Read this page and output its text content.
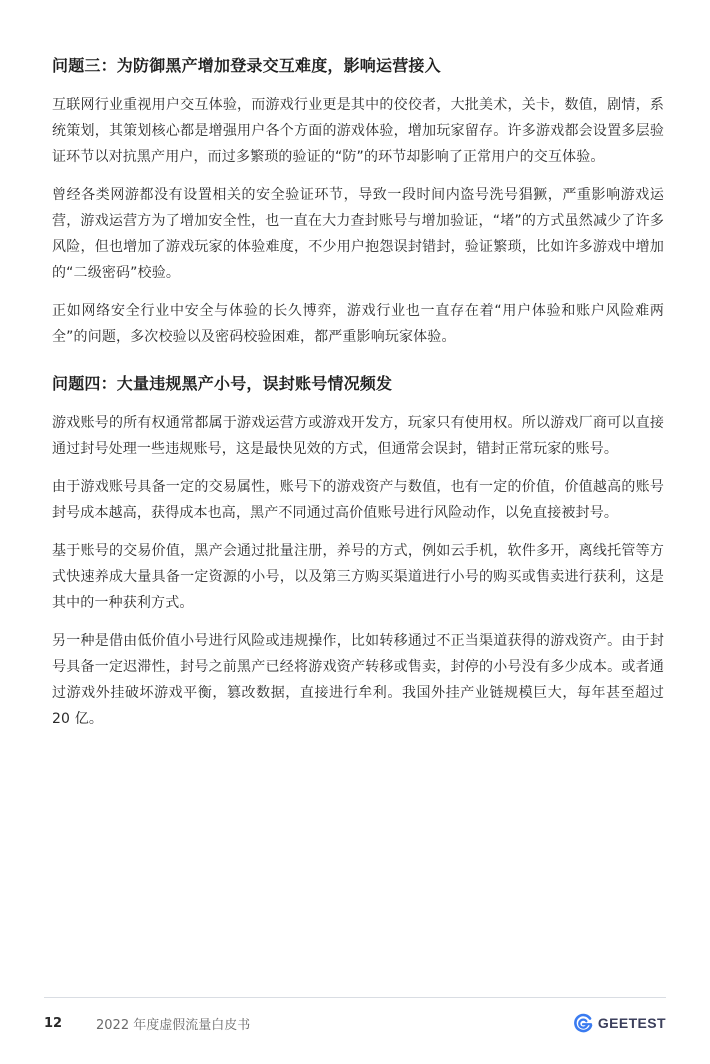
问题三：为防御黑产增加登录交互难度，影响运营接入

互联网行业重视用户交互体验，而游戏行业更是其中的佼佼者，大批美术，关卡，数值，剧情，系统策划，其策划核心都是增强用户各个方面的游戏体验，增加玩家留存。许多游戏都会设置多层验证环节以对抗黑产用户，而过多繁琐的验证的“防”的环节却影响了正常用户的交互体验。

曾经各类网游都没有设置相关的安全验证环节，导致一段时间内盗号洗号猖獗，严重影响游戏运营，游戏运营方为了增加安全性，也一直在大力查封账号与增加验证，“堵”的方式虽然减少了许多风险，但也增加了游戏玩家的体验难度，不少用户抱怨误封错封，验证繁琐，比如许多游戏中增加的“二级密码”校验。

正如网络安全行业中安全与体验的长久博弈，游戏行业也一直存在着“用户体验和账户风险难两全”的问题，多次校验以及密码校验困难，都严重影响玩家体验。

问题四：大量违规黑产小号，误封账号情况频发

游戏账号的所有权通常都属于游戏运营方或游戏开发方，玩家只有使用权。所以游戏厂商可以直接通过封号处理一些违规账号，这是最快见效的方式，但通常会误封，错封正常玩家的账号。

由于游戏账号具备一定的交易属性，账号下的游戏资产与数值，也有一定的价值，价值越高的账号封号成本越高，获得成本也高，黑产不同通过高价值账号进行风险动作，以免直接被封号。

基于账号的交易价值，黑产会通过批量注册，养号的方式，例如云手机，软件多开，离线托管等方式快速养成大量具备一定资源的小号，以及第三方购买渠道进行小号的购买或售卖进行获利，这是其中的一种获利方式。

另一种是借由低价值小号进行风险或违规操作，比如转移通过不正当渠道获得的游戏资产。由于封号具备一定迟滞性，封号之前黑产已经将游戏资产转移或售卖，封停的小号没有多少成本。或者通过游戏外挂破坏游戏平衡，篡改数据，直接进行牟利。我国外挂产业链规模巨大，每年甚至超过 20 亿。

12	2022 年度虚假流量白皮书	GEETEST
